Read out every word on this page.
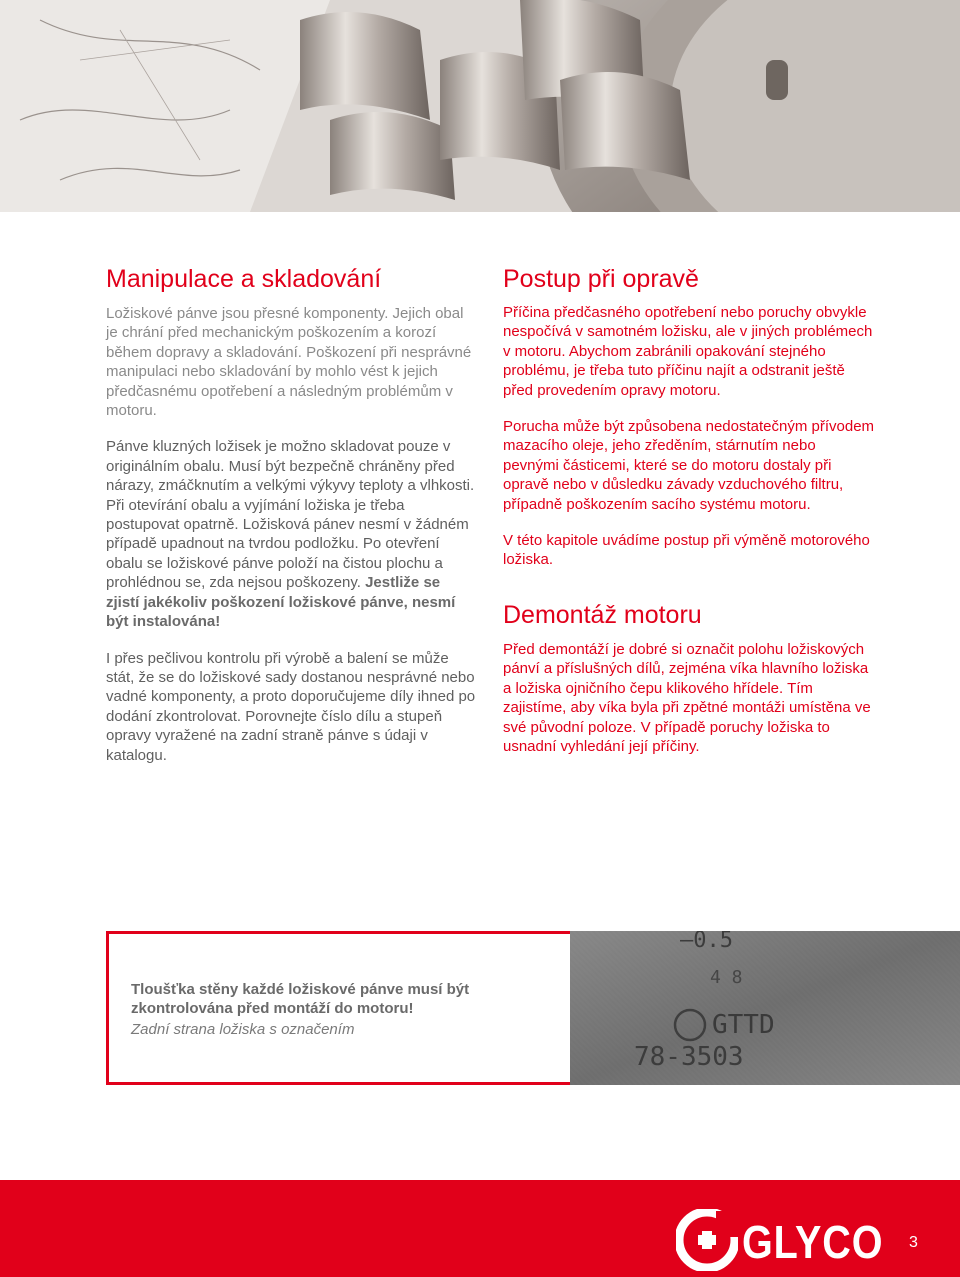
Manipulace a skladování

Ložiskové pánve jsou přesné komponenty. Jejich obal je chrání před mechanickým poškozením a korozí během dopravy a skladování. Poškození při nesprávné manipulaci nebo skladování by mohlo vést k jejich předčasnému opotřebení a následným problémům v motoru.

Pánve kluzných ložisek je možno skladovat pouze v originálním obalu. Musí být bezpečně chráněny před nárazy, zmáčknutím a velkými výkyvy teploty a vlhkosti. Při otevírání obalu a vyjímání ložiska je třeba postupovat opatrně. Ložisková pánev nesmí v žádném případě upadnout na tvrdou podložku. Po otevření obalu se ložiskové pánve položí na čistou plochu a prohlédnou se, zda nejsou poškozeny. Jestliže se zjistí jakékoliv poškození ložiskové pánve, nesmí být instalována!

I přes pečlivou kontrolu při výrobě a balení se může stát, že se do ložiskové sady dostanou nesprávné nebo vadné komponenty, a proto doporučujeme díly ihned po dodání zkontrolovat. Porovnejte číslo dílu a stupeň opravy vyražené na zadní straně pánve s údaji v katalogu.

Postup při opravě

Příčina předčasného opotřebení nebo poruchy obvykle nespočívá v samotném ložisku, ale v jiných problémech v motoru. Abychom zabránili opakování stejného problému, je třeba tuto příčinu najít a odstranit ještě před provedením opravy motoru.

Porucha může být způsobena nedostatečným přívodem mazacího oleje, jeho zředěním, stárnutím nebo pevnými částicemi, které se do motoru dostaly při opravě nebo v důsledku závady vzduchového filtru, případně poškozením sacího systému motoru.

V této kapitole uvádíme postup při výměně motorového ložiska.

Demontáž motoru

Před demontáží je dobré si označit polohu ložiskových pánví a příslušných dílů, zejména víka hlavního ložiska a ložiska ojničního čepu klikového hřídele. Tím zajistíme, aby víka byla při zpětné montáži umístěna ve své původní poloze. V případě poruchy ložiska to usnadní vyhledání její příčiny.

–0.5
4 8
GTTD
78-3503

Tloušťka stěny každé ložiskové pánve musí být zkontrolována před montáží do motoru!

Zadní strana ložiska s označením

GLYCO 3
